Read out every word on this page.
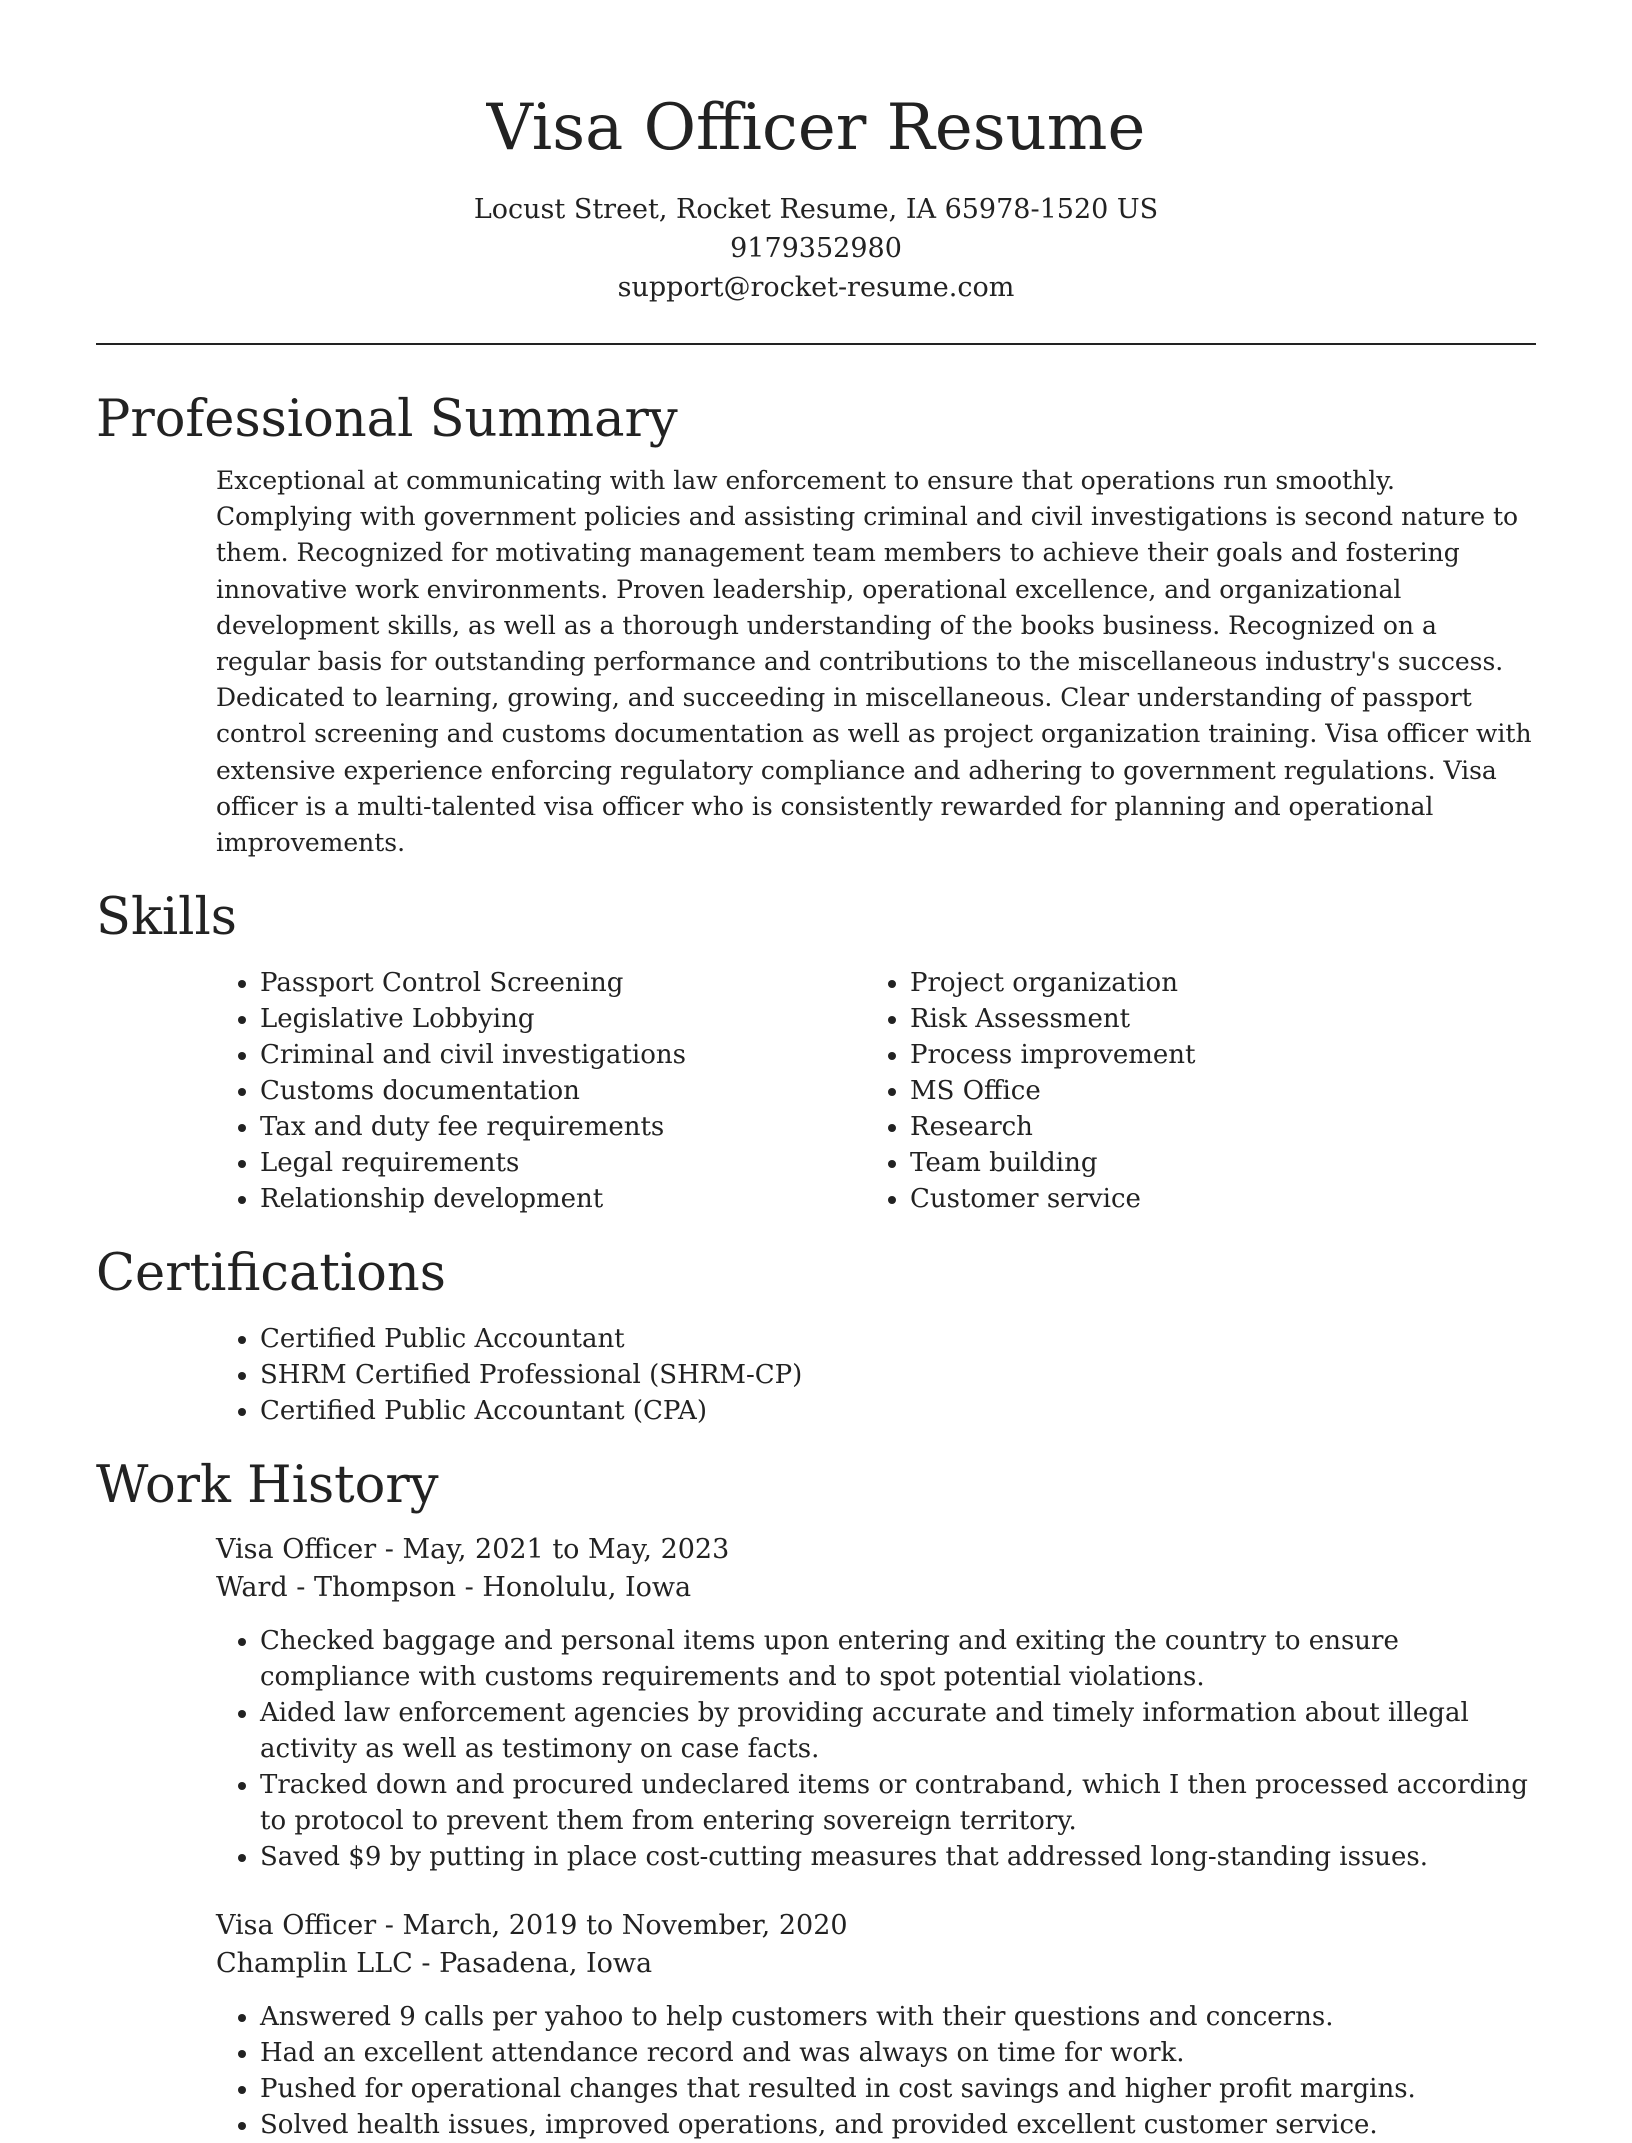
Visa Officer Resume
Locust Street, Rocket Resume, IA 65978-1520 US
9179352980
support@rocket-resume.com
Professional Summary
Exceptional at communicating with law enforcement to ensure that operations run smoothly. Complying with government policies and assisting criminal and civil investigations is second nature to them. Recognized for motivating management team members to achieve their goals and fostering innovative work environments. Proven leadership, operational excellence, and organizational development skills, as well as a thorough understanding of the books business. Recognized on a regular basis for outstanding performance and contributions to the miscellaneous industry's success. Dedicated to learning, growing, and succeeding in miscellaneous. Clear understanding of passport control screening and customs documentation as well as project organization training. Visa officer with extensive experience enforcing regulatory compliance and adhering to government regulations. Visa officer is a multi-talented visa officer who is consistently rewarded for planning and operational improvements.
Skills
• Passport Control Screening
• Legislative Lobbying
• Criminal and civil investigations
• Customs documentation
• Tax and duty fee requirements
• Legal requirements
• Relationship development
• Project organization
• Risk Assessment
• Process improvement
• MS Office
• Research
• Team building
• Customer service
Certifications
• Certified Public Accountant
• SHRM Certified Professional (SHRM-CP)
• Certified Public Accountant (CPA)
Work History
Visa Officer - May, 2021 to May, 2023
Ward - Thompson - Honolulu, Iowa
• Checked baggage and personal items upon entering and exiting the country to ensure compliance with customs requirements and to spot potential violations.
• Aided law enforcement agencies by providing accurate and timely information about illegal activity as well as testimony on case facts.
• Tracked down and procured undeclared items or contraband, which I then processed according to protocol to prevent them from entering sovereign territory.
• Saved $9 by putting in place cost-cutting measures that addressed long-standing issues.
Visa Officer - March, 2019 to November, 2020
Champlin LLC - Pasadena, Iowa
• Answered 9 calls per yahoo to help customers with their questions and concerns.
• Had an excellent attendance record and was always on time for work.
• Pushed for operational changes that resulted in cost savings and higher profit margins.
• Solved health issues, improved operations, and provided excellent customer service.
